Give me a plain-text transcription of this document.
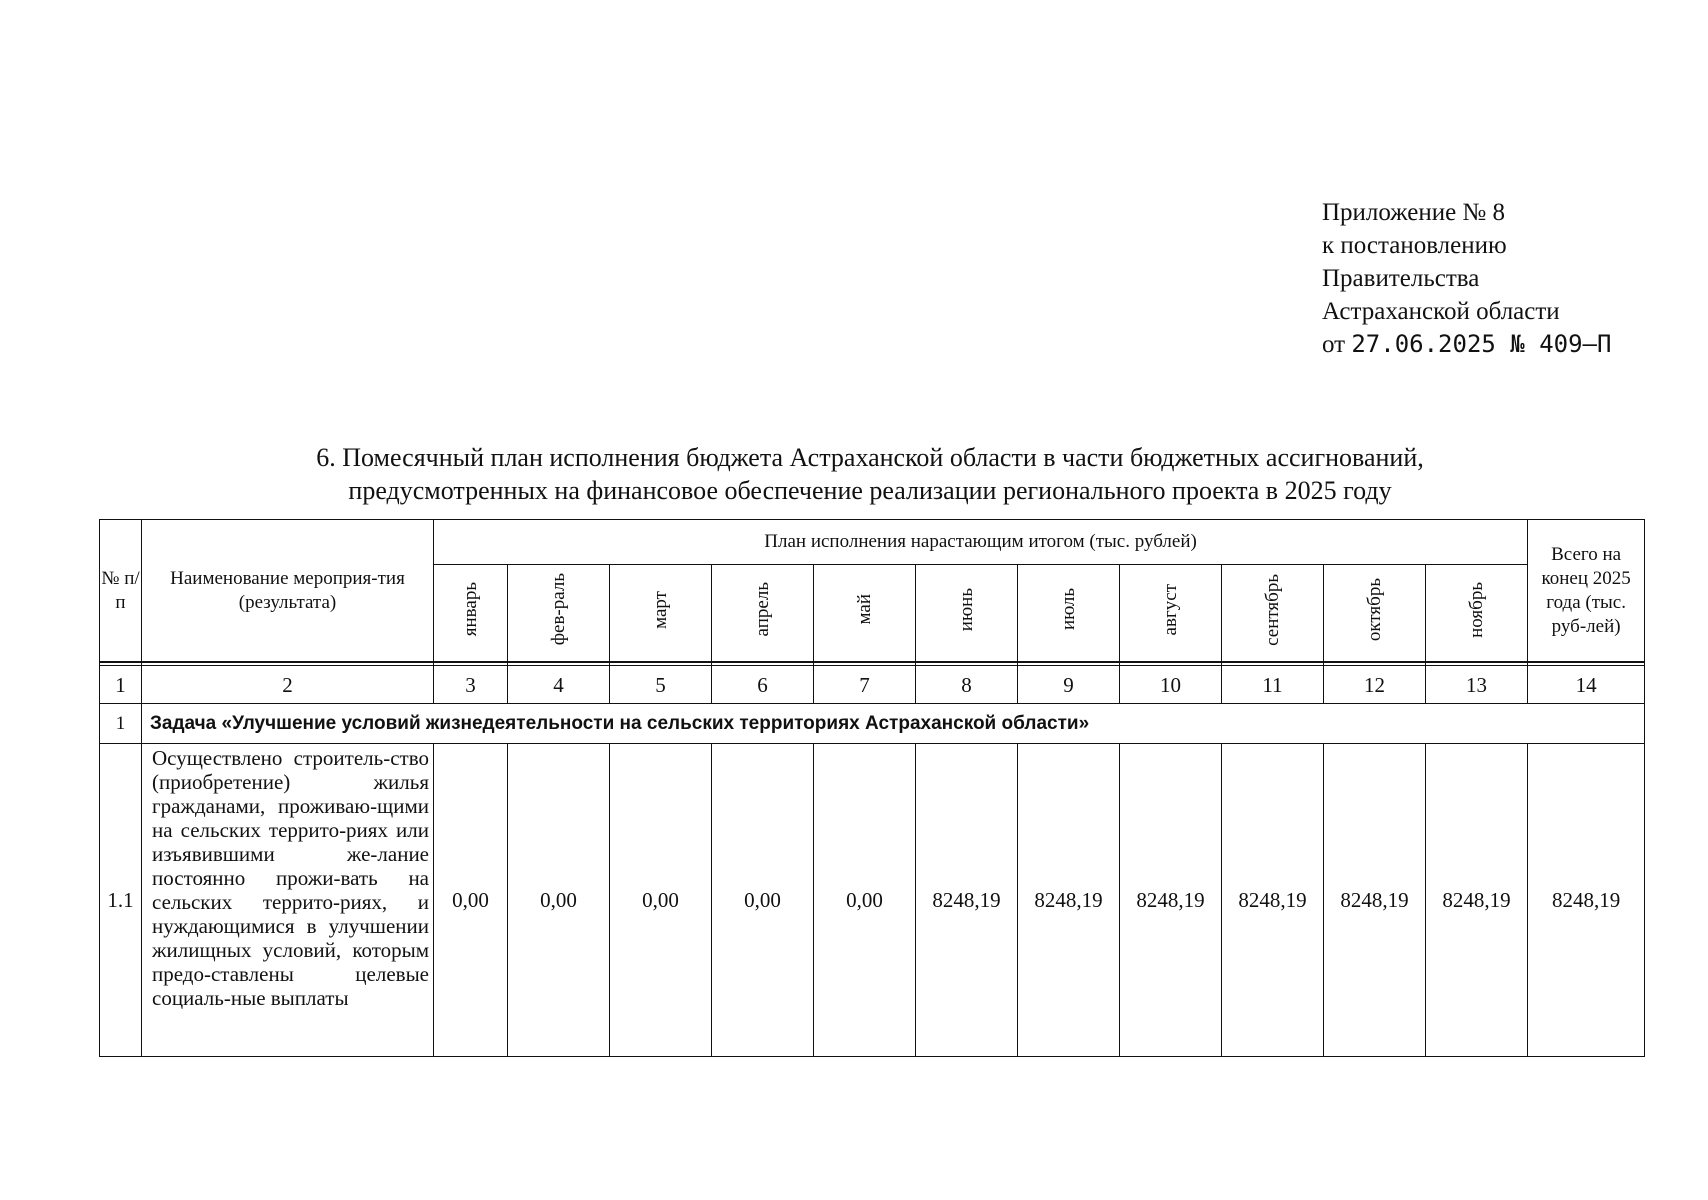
Приложение № 8
к постановлению
Правительства
Астраханской области
от 27.06.2025 № 409–П
6. Помесячный план исполнения бюджета Астраханской области в части бюджетных ассигнований,
предусмотренных на финансовое обеспечение реализации регионального проекта в 2025 году
№ п/п	Наименование мероприя-тия (результата)	План исполнения нарастающим итогом (тыс. рублей)											Всего на конец 2025 года (тыс. руб-лей)
		январь	фев-раль	март	апрель	май	июнь	июль	август	сентябрь	октябрь	ноябрь	

1	2	3	4	5	6	7	8	9	10	11	12	13	14
1	Задача «Улучшение условий жизнедеятельности на сельских территориях Астраханской области»												
1.1	Осуществлено строитель-ство (приобретение) жилья гражданами, проживаю-щими на сельских террито-риях или изъявившими же-лание постоянно прожи-вать на сельских террито-риях, и нуждающимися в улучшении жилищных условий, которым предо-ставлены целевые социаль-ные выплаты	0,00	0,00	0,00	0,00	0,00	8248,19	8248,19	8248,19	8248,19	8248,19	8248,19	8248,19
